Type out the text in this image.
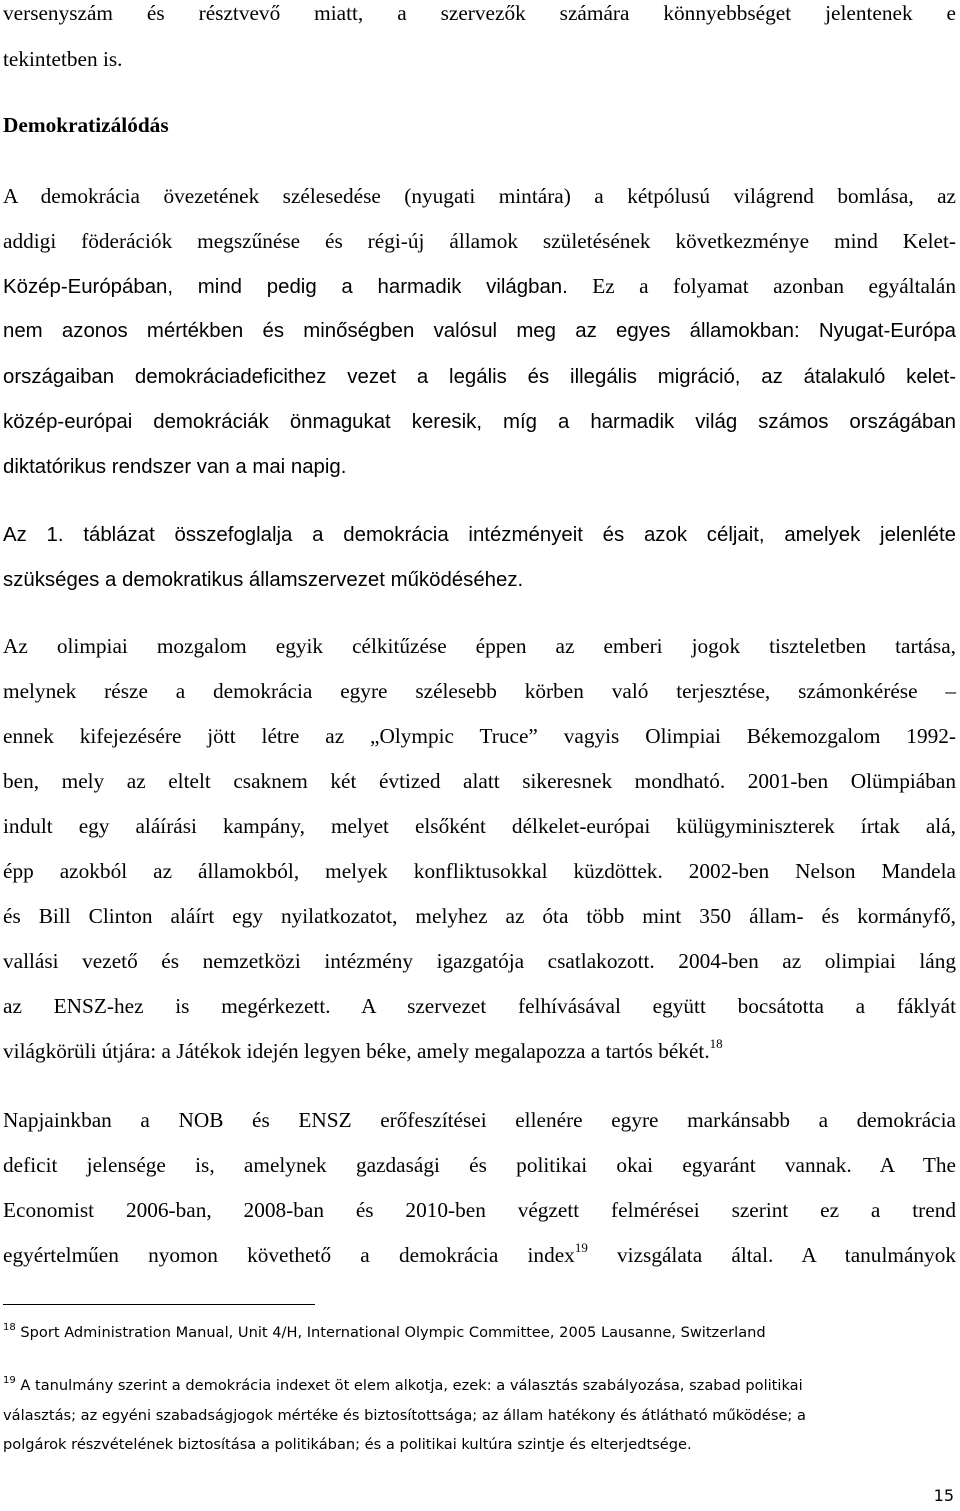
versenyszám és résztvevő miatt, a szervezők számára könnyebbséget jelentenek e
tekintetben is.
Demokratizálódás
A demokrácia övezetének szélesedése (nyugati mintára) a kétpólusú világrend bomlása, az
addigi föderációk megszűnése és régi-új államok születésének következménye mind Kelet-
Közép-Európában, mind pedig a harmadik világban. Ez a folyamat azonban egyáltalán
nem azonos mértékben és minőségben valósul meg az egyes államokban: Nyugat-Európa
országaiban demokráciadeficithez vezet a legális és illegális migráció, az átalakuló kelet-
közép-európai demokráciák önmagukat keresik, míg a harmadik világ számos országában
diktatórikus rendszer van a mai napig.
Az 1. táblázat összefoglalja a demokrácia intézményeit és azok céljait, amelyek jelenléte
szükséges a demokratikus államszervezet működéséhez.
Az olimpiai mozgalom egyik célkitűzése éppen az emberi jogok tiszteletben tartása,
melynek része a demokrácia egyre szélesebb körben való terjesztése, számonkérése –
ennek kifejezésére jött létre az „Olympic Truce” vagyis Olimpiai Békemozgalom 1992-
ben, mely az eltelt csaknem két évtized alatt sikeresnek mondható. 2001-ben Olümpiában
indult egy aláírási kampány, melyet elsőként délkelet-európai külügyminiszterek írtak alá,
épp azokból az államokból, melyek konfliktusokkal küzdöttek. 2002-ben Nelson Mandela
és Bill Clinton aláírt egy nyilatkozatot, melyhez az óta több mint 350 állam- és kormányfő,
vallási vezető és nemzetközi intézmény igazgatója csatlakozott. 2004-ben az olimpiai láng
az ENSZ-hez is megérkezett. A szervezet felhívásával együtt bocsátotta a fáklyát
világkörüli útjára: a Játékok idején legyen béke, amely megalapozza a tartós békét.$^{18}$
Napjainkban a NOB és ENSZ erőfeszítései ellenére egyre markánsabb a demokrácia
deficit jelensége is, amelynek gazdasági és politikai okai egyaránt vannak. A The
Economist 2006-ban, 2008-ban és 2010-ben végzett felmérései szerint ez a trend
egyértelműen nyomon követhető a demokrácia index$^{19}$ vizsgálata által. A tanulmányok
$^{18}$ Sport Administration Manual, Unit 4/H, International Olympic Committee, 2005 Lausanne, Switzerland
$^{19}$ A tanulmány szerint a demokrácia indexet öt elem alkotja, ezek: a választás szabályozása, szabad politikai
választás; az egyéni szabadságjogok mértéke és biztosítottsága; az állam hatékony és átlátható működése; a
polgárok részvételének biztosítása a politikában; és a politikai kultúra szintje és elterjedtsége.
15
